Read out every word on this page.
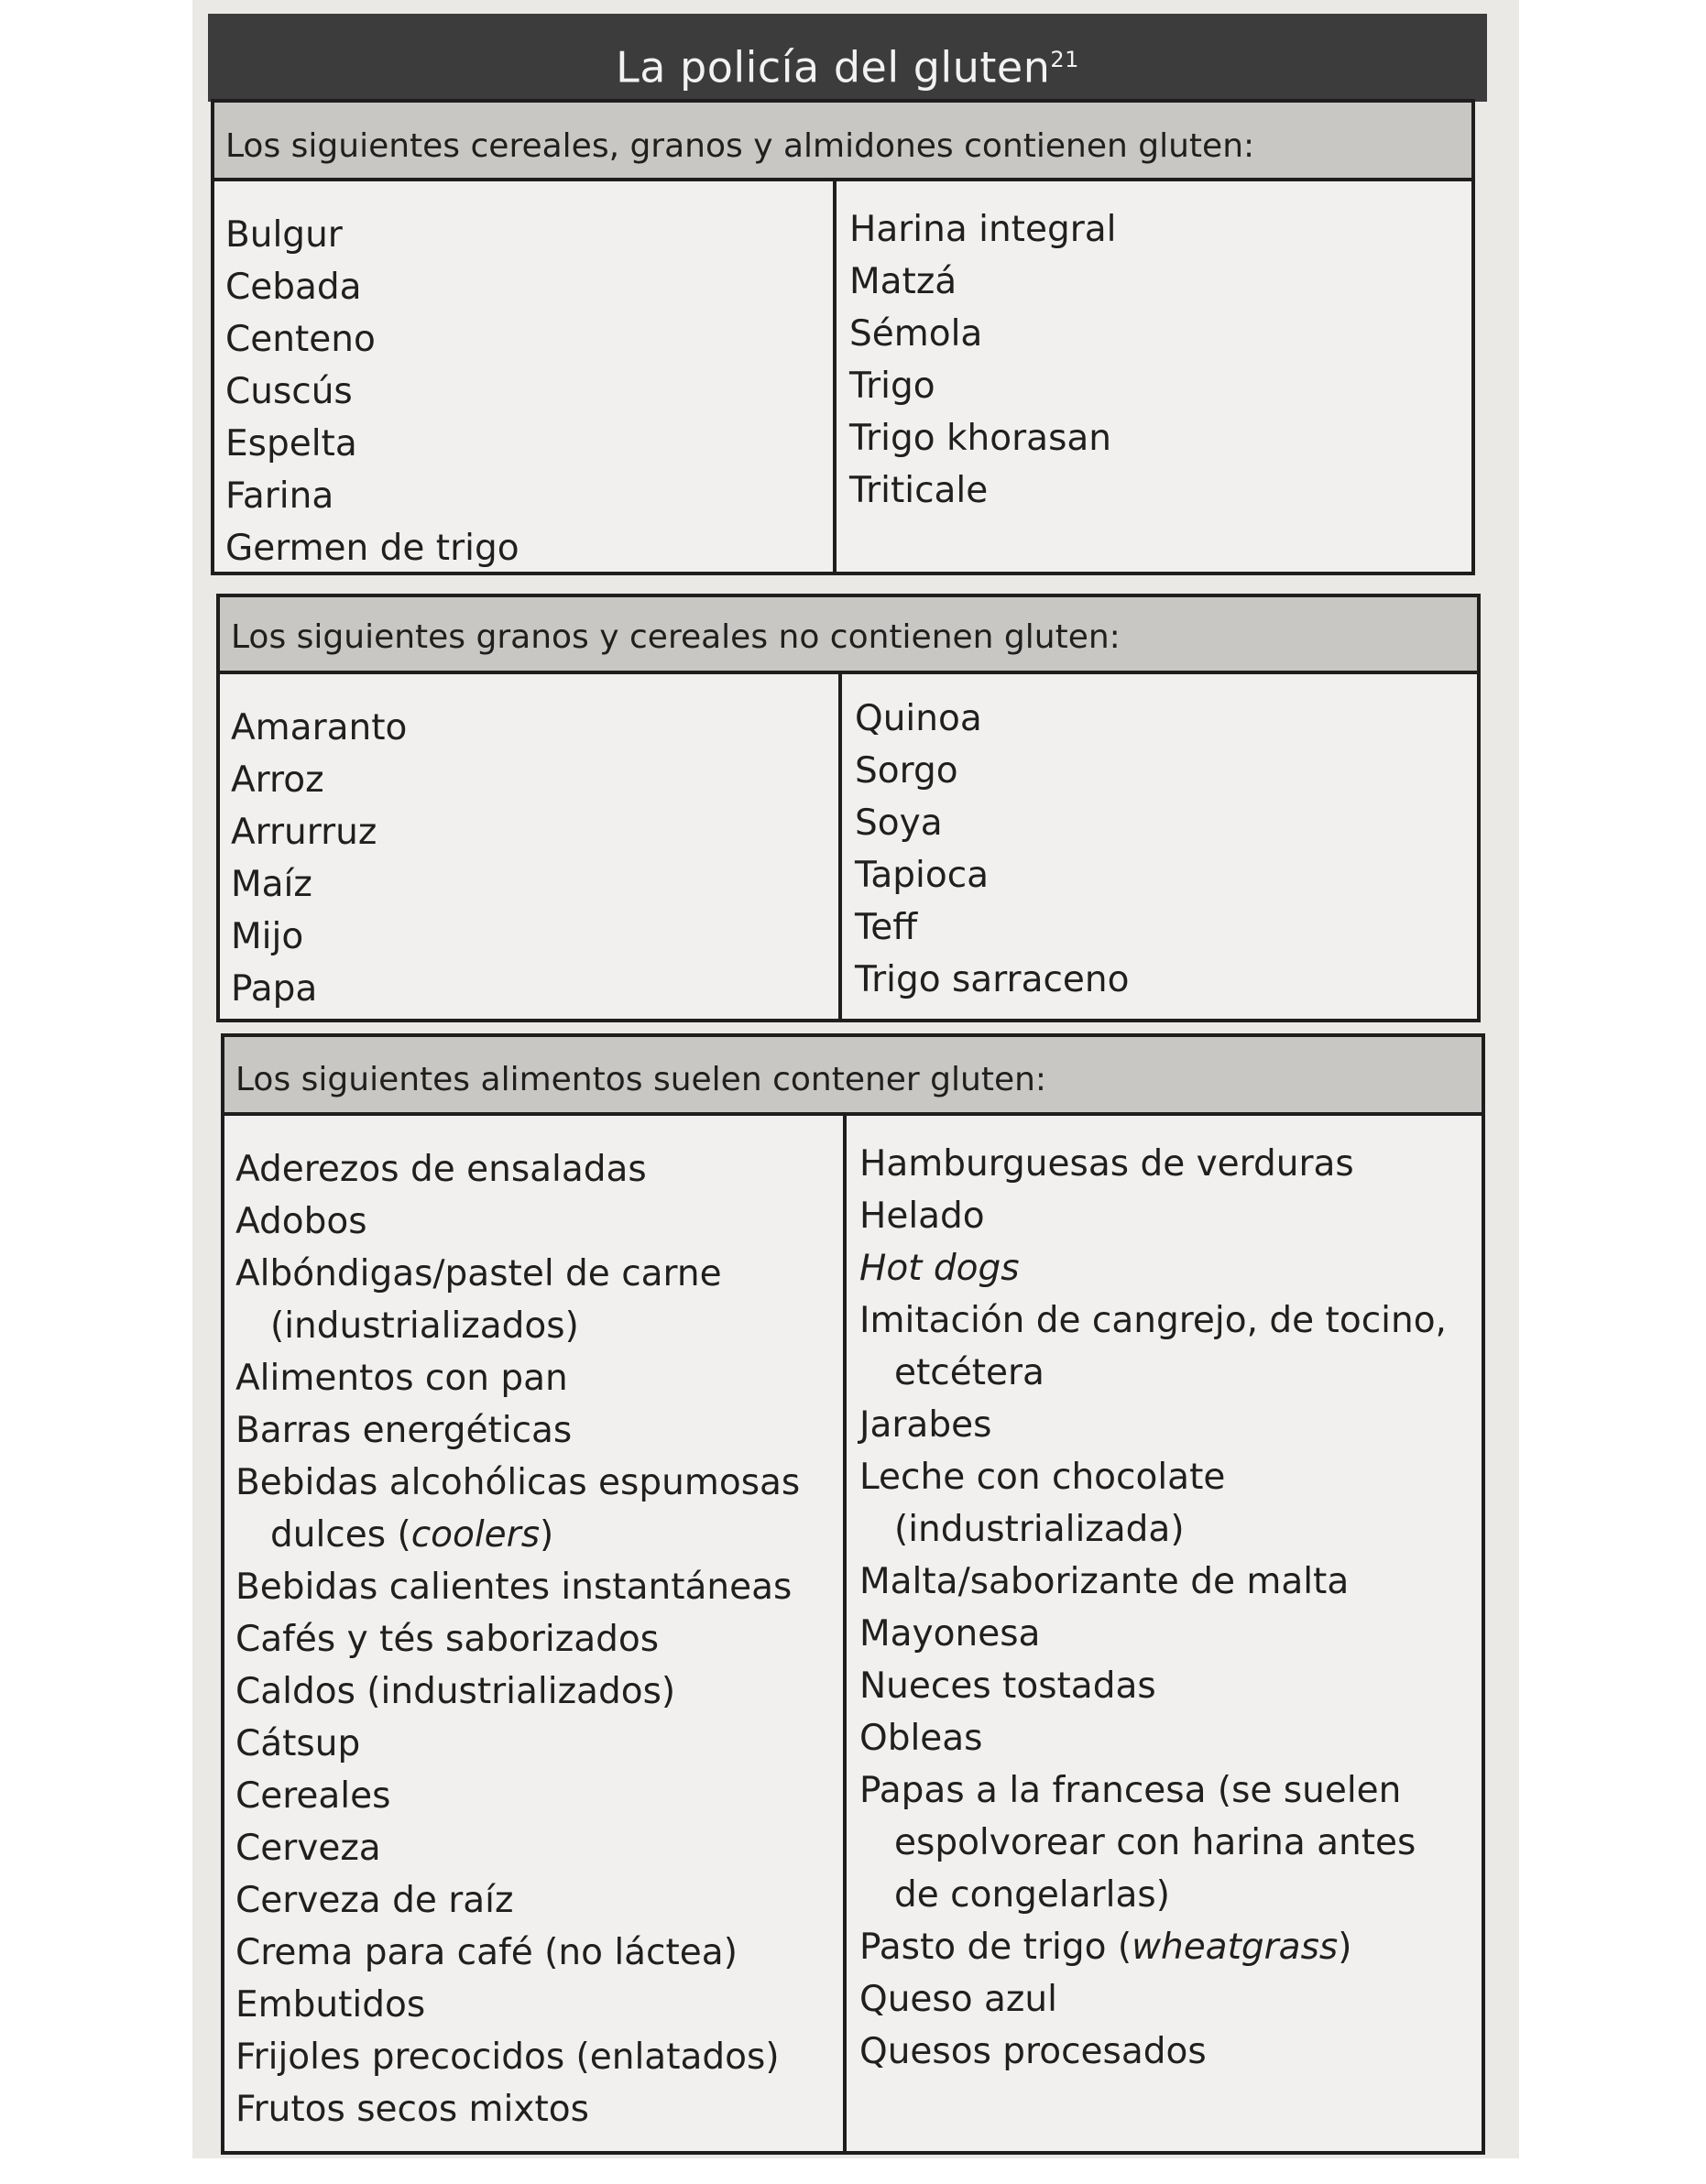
La policía del gluten$^{21}$
Los siguientes cereales, granos y almidones contienen gluten:
Bulgur
Cebada
Centeno
Cuscús
Espelta
Farina
Germen de trigo
Harina integral
Matzá
Sémola
Trigo
Trigo khorasan
Triticale
Los siguientes granos y cereales no contienen gluten:
Amaranto
Arroz
Arrurruz
Maíz
Mijo
Papa
Quinoa
Sorgo
Soya
Tapioca
Teff
Trigo sarraceno
Los siguientes alimentos suelen contener gluten:
Aderezos de ensaladas
Adobos
Albóndigas/pastel de carne
(industrializados)
Alimentos con pan
Barras energéticas
Bebidas alcohólicas espumosas
dulces (coolers)
Bebidas calientes instantáneas
Cafés y tés saborizados
Caldos (industrializados)
Cátsup
Cereales
Cerveza
Cerveza de raíz
Crema para café (no láctea)
Embutidos
Frijoles precocidos (enlatados)
Frutos secos mixtos
Hamburguesas de verduras
Helado
Hot dogs
Imitación de cangrejo, de tocino,
etcétera
Jarabes
Leche con chocolate
(industrializada)
Malta/saborizante de malta
Mayonesa
Nueces tostadas
Obleas
Papas a la francesa (se suelen
espolvorear con harina antes
de congelarlas)
Pasto de trigo (wheatgrass)
Queso azul
Quesos procesados
